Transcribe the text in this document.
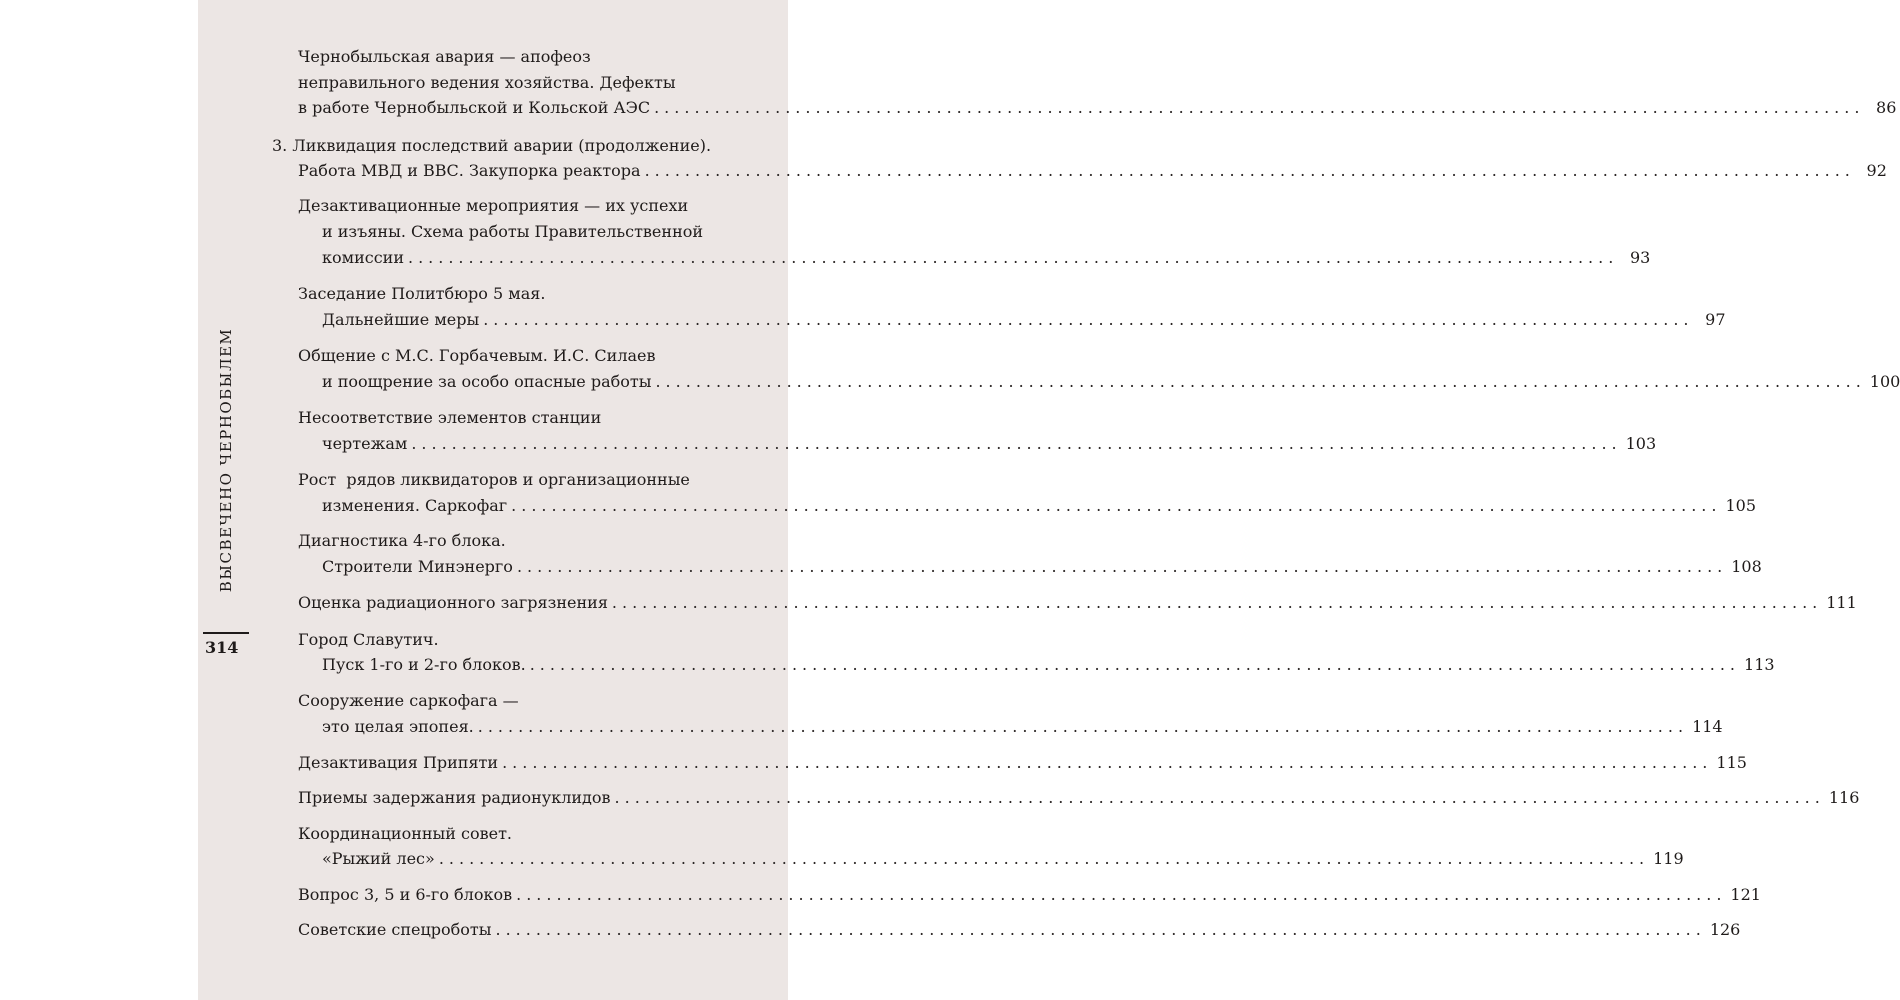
ВЫСВЕЧЕНО ЧЕРНОБЫЛЕМ
314
Чернобыльская авария — апофеоз
неправильного ведения хозяйства. Дефекты
в работе Чернобыльской и Кольской АЭС ........................................................................................................................ 86
3. Ликвидация последствий аварии (продолжение).
Работа МВД и ВВС. Закупорка реактора ........................................................................................................................ 92
Дезактивационные мероприятия — их успехи
и изъяны. Схема работы Правительственной
комиссии ........................................................................................................................ 93
Заседание Политбюро 5 мая.
Дальнейшие меры ........................................................................................................................ 97
Общение с М.С. Горбачевым. И.С. Силаев
и поощрение за особо опасные работы ........................................................................................................................ 100
Несоответствие элементов станции
чертежам ........................................................................................................................ 103
Рост  рядов ликвидаторов и организационные
изменения. Саркофаг ........................................................................................................................ 105
Диагностика 4-го блока.
Строители Минэнерго ........................................................................................................................ 108
Оценка радиационного загрязнения ........................................................................................................................ 111
Город Славутич.
Пуск 1-го и 2-го блоков. ........................................................................................................................ 113
Сооружение саркофага —
это целая эпопея. ........................................................................................................................ 114
Дезактивация Припяти ........................................................................................................................ 115
Приемы задержания радионуклидов ........................................................................................................................ 116
Координационный совет.
«Рыжий лес» ........................................................................................................................ 119
Вопрос 3, 5 и 6-го блоков ........................................................................................................................ 121
Советские спецроботы ........................................................................................................................ 126
